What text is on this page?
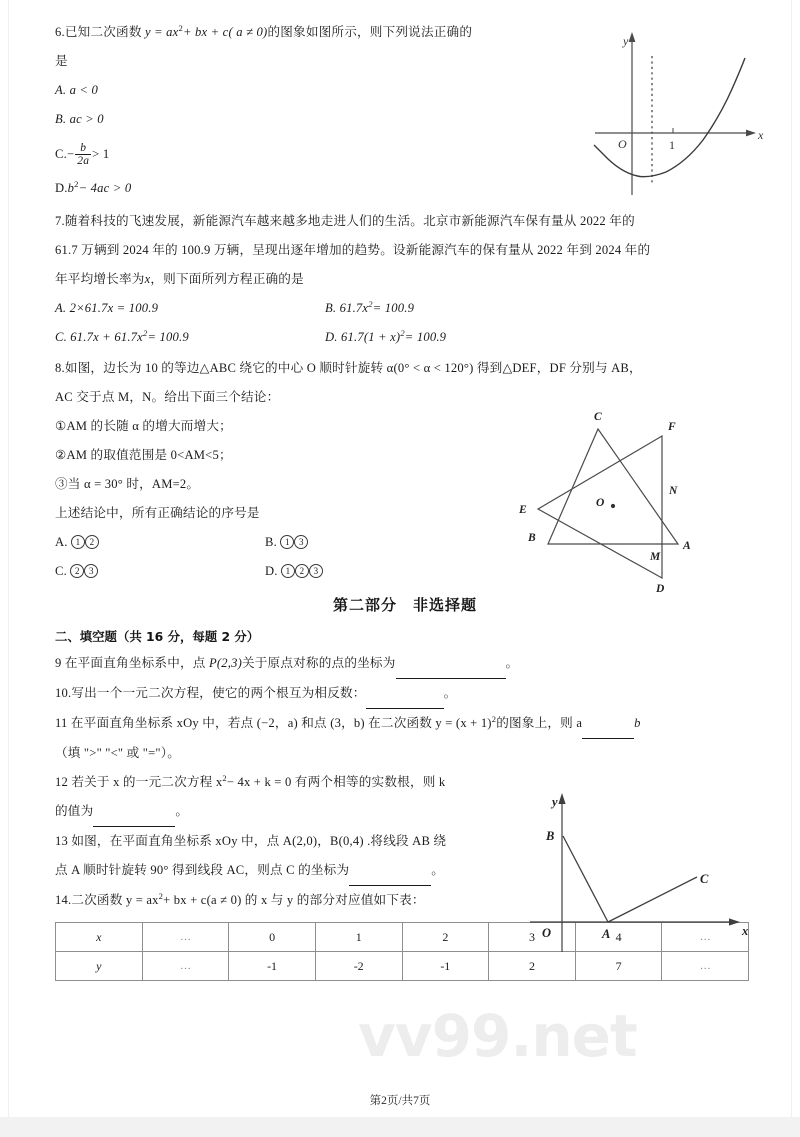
6.已知二次函数 $y = ax^2+$ bx + c( a ≠ 0)的图象如图所示，则下列说法正确的
是
A. a < 0
B. ac > 0
$C.- \frac{b}{2a} > 1$
$D.b^2- 4ac > 0$
y
x
O	1
7.随着科技的飞速发展，新能源汽车越来越多地走进人们的生活。北京市新能源汽车保有量从 2022 年的
61.7 万辆到 2024 年的 100.9 万辆，呈现出逐年增加的趋势。设新能源汽车的保有量从 2022 年到 2024 年的
年平均增长率为x，则下面所列方程正确的是
A. 2×61.7x = 100.9	B. $61.7x^2= 100.9$
C. $61.7x + 61.7x^2= 100.9$	D. $61.7(1 + x)^2= 100.9$
8.如图，边长为 10 的等边△ABC 绕它的中心 O 顺时针旋转 α(0° < α < 120°) 得到△DEF，DF 分别与 AB，
AC 交于点 M，N。给出下面三个结论：
①AM 的长随 α 的增大而增大；
②AM 的取值范围是 0<AM<5；
③当 α = 30° 时，AM=2。
上述结论中，所有正确结论的序号是
A. 1 2	B. 1 3
C. 2 3	D. 1 2 3
C
F
E
O
N
B
A
M
D
第二部分　非选择题
二、填空题（共 16 分，每题 2 分）
9 在平面直角坐标系中，点 P(2,3)关于原点对称的点的坐标为	。
10.写出一个一元二次方程，使它的两个根互为相反数：	。
11 在平面直角坐标系 xOy 中，若点 (−2，a) 和点 (3，b) 在二次函数 $y = (x + 1)^2$的图象上，则 a	b
（填 ">" "<" 或 "="）。
12 若关于 x 的一元二次方程 $x^2- 4x + k = 0$ 有两个相等的实数根，则 k
的值为	。
13 如图，在平面直角坐标系 xOy 中，点 A(2,0)，B(0,4) .将线段 AB 绕
点 A 顺时针旋转 90° 得到线段 AC，则点 C 的坐标为	。
y
x
O
B
A
C
14.二次函数 $y = ax^2+$ bx + c(a ≠ 0) 的 x 与 y 的部分对应值如下表：
x	…	0	1	2	3	4	…
y	…	-1	-2	-1	2	7	…
vv99.net
第2页/共7页
